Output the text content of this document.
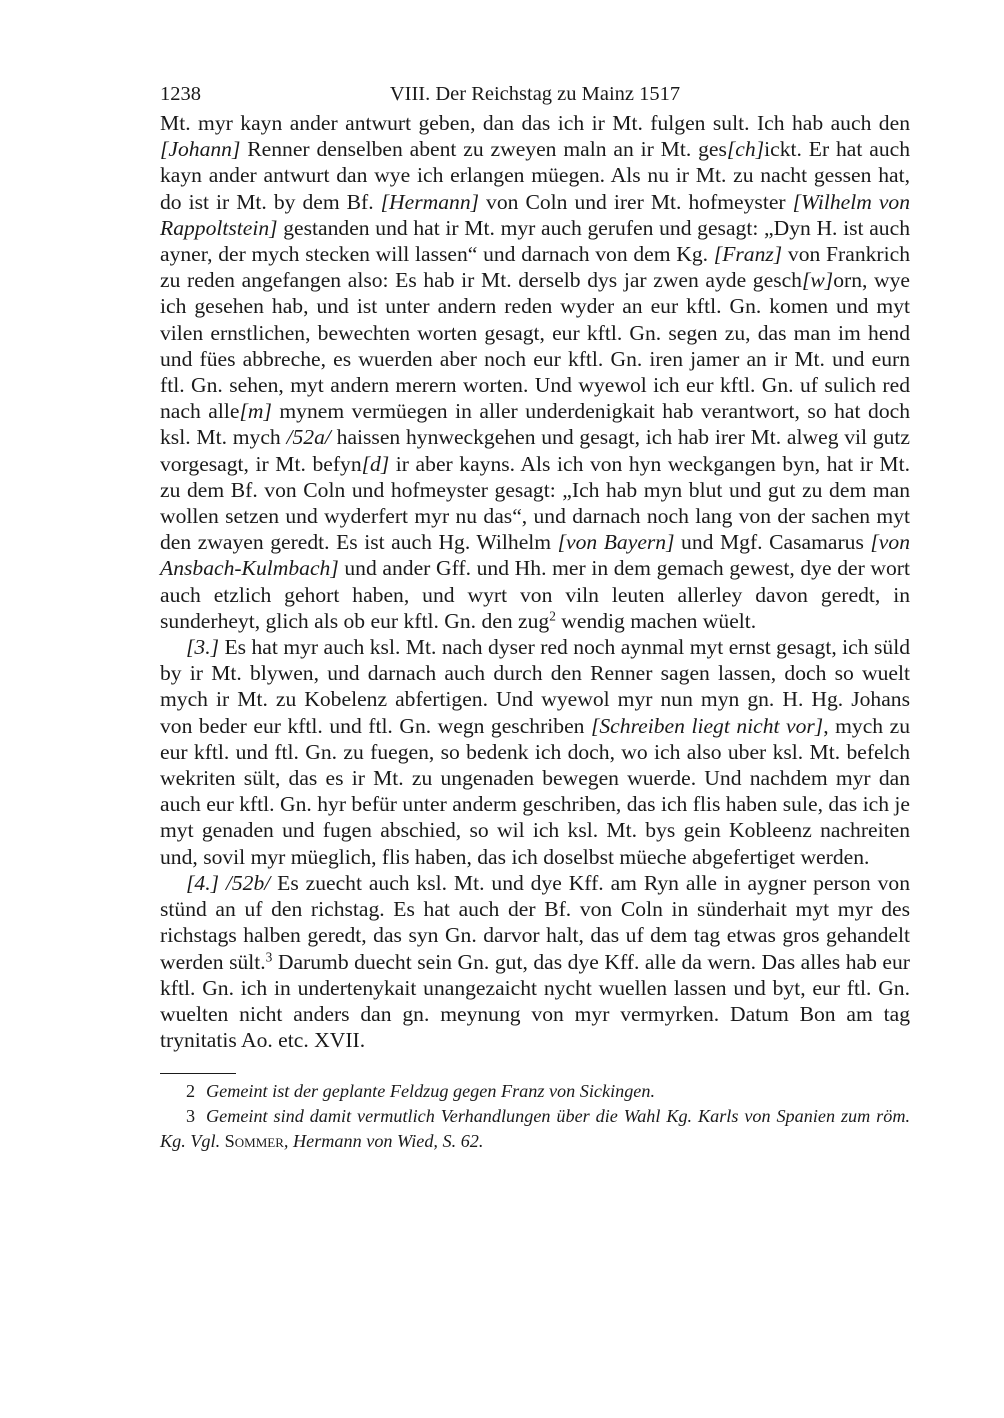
1238	VIII. Der Reichstag zu Mainz 1517

Mt. myr kayn ander antwurt geben, dan das ich ir Mt. fulgen sult. Ich hab auch den [Johann] Renner denselben abent zu zweyen maln an ir Mt. ges[ch]ickt. Er hat auch kayn ander antwurt dan wye ich erlangen müegen. Als nu ir Mt. zu nacht gessen hat, do ist ir Mt. by dem Bf. [Hermann] von Coln und irer Mt. hofmeyster [Wilhelm von Rappoltstein] gestanden und hat ir Mt. myr auch gerufen und gesagt: „Dyn H. ist auch ayner, der mych stecken will lassen“ und darnach von dem Kg. [Franz] von Frankrich zu reden angefangen also: Es hab ir Mt. derselb dys jar zwen ayde gesch[w]orn, wye ich gesehen hab, und ist unter andern reden wyder an eur kftl. Gn. komen und myt vilen ernstlichen, bewechten worten gesagt, eur kftl. Gn. segen zu, das man im hend und fües abbreche, es wuerden aber noch eur kftl. Gn. iren jamer an ir Mt. und eurn ftl. Gn. sehen, myt andern merern worten. Und wyewol ich eur kftl. Gn. uf sulich red nach alle[m] mynem vermüegen in aller underdenigkait hab verantwort, so hat doch ksl. Mt. mych /52a/ haissen hynweckgehen und gesagt, ich hab irer Mt. alweg vil gutz vorgesagt, ir Mt. befyn[d] ir aber kayns. Als ich von hyn weckgangen byn, hat ir Mt. zu dem Bf. von Coln und hofmeyster gesagt: „Ich hab myn blut und gut zu dem man wollen setzen und wyderfert myr nu das“, und darnach noch lang von der sachen myt den zwayen geredt. Es ist auch Hg. Wilhelm [von Bayern] und Mgf. Casamarus [von Ansbach-Kulmbach] und ander Gff. und Hh. mer in dem gemach gewest, dye der wort auch etzlich gehort haben, und wyrt von viln leuten allerley davon geredt, in sunderheyt, glich als ob eur kftl. Gn. den zug$^2$ wendig machen wüelt.

[3.] Es hat myr auch ksl. Mt. nach dyser red noch aynmal myt ernst gesagt, ich süld by ir Mt. blywen, und darnach auch durch den Renner sagen lassen, doch so wuelt mych ir Mt. zu Kobelenz abfertigen. Und wyewol myr nun myn gn. H. Hg. Johans von beder eur kftl. und ftl. Gn. wegn geschriben [Schreiben liegt nicht vor], mych zu eur kftl. und ftl. Gn. zu fuegen, so bedenk ich doch, wo ich also uber ksl. Mt. befelch wekriten sült, das es ir Mt. zu ungenaden bewegen wuerde. Und nachdem myr dan auch eur kftl. Gn. hyr befür unter anderm geschriben, das ich flis haben sule, das ich je myt genaden und fugen abschied, so wil ich ksl. Mt. bys gein Kobleenz nachreiten und, sovil myr müeglich, flis haben, das ich doselbst müeche abgefertiget werden.

[4.] /52b/ Es zuecht auch ksl. Mt. und dye Kff. am Ryn alle in aygner person von stünd an uf den richstag. Es hat auch der Bf. von Coln in sünderhait myt myr des richstags halben geredt, das syn Gn. darvor halt, das uf dem tag etwas gros gehandelt werden sült.$^3$ Darumb duecht sein Gn. gut, das dye Kff. alle da wern. Das alles hab eur kftl. Gn. ich in undertenykait unangezaicht nycht wuellen lassen und byt, eur ftl. Gn. wuelten nicht anders dan gn. meynung von myr vermyrken. Datum Bon am tag trynitatis Ao. etc. XVII.

2 Gemeint ist der geplante Feldzug gegen Franz von Sickingen.

3 Gemeint sind damit vermutlich Verhandlungen über die Wahl Kg. Karls von Spanien zum röm. Kg. Vgl. Sommer, Hermann von Wied, S. 62.
